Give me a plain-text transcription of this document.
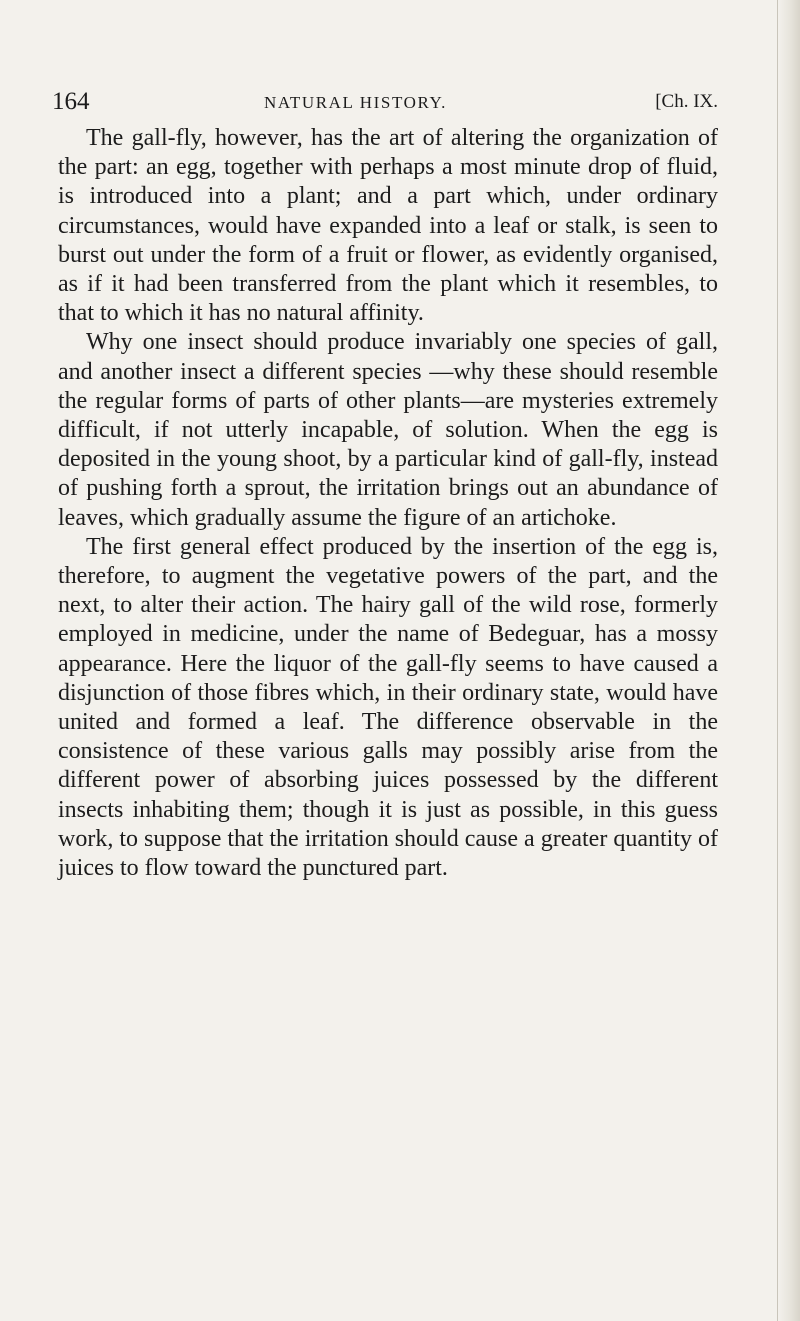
164	NATURAL HISTORY.	[Ch. IX.

The gall-fly, however, has the art of altering the organization of the part: an egg, together with perhaps a most minute drop of fluid, is introduced into a plant; and a part which, under ordinary circumstances, would have expanded into a leaf or stalk, is seen to burst out under the form of a fruit or flower, as evidently organised, as if it had been transferred from the plant which it resembles, to that to which it has no natural affinity.

Why one insect should produce invariably one species of gall, and another insect a different species —why these should resemble the regular forms of parts of other plants—are mysteries extremely difficult, if not utterly incapable, of solution. When the egg is deposited in the young shoot, by a particular kind of gall-fly, instead of pushing forth a sprout, the irritation brings out an abundance of leaves, which gradually assume the figure of an artichoke.

The first general effect produced by the insertion of the egg is, therefore, to augment the vegetative powers of the part, and the next, to alter their action. The hairy gall of the wild rose, formerly employed in medicine, under the name of Bedeguar, has a mossy appearance. Here the liquor of the gall-fly seems to have caused a disjunction of those fibres which, in their ordinary state, would have united and formed a leaf. The difference observable in the consistence of these various galls may possibly arise from the different power of absorbing juices possessed by the different insects inhabiting them; though it is just as possible, in this guess work, to suppose that the irritation should cause a greater quantity of juices to flow toward the punctured part.
